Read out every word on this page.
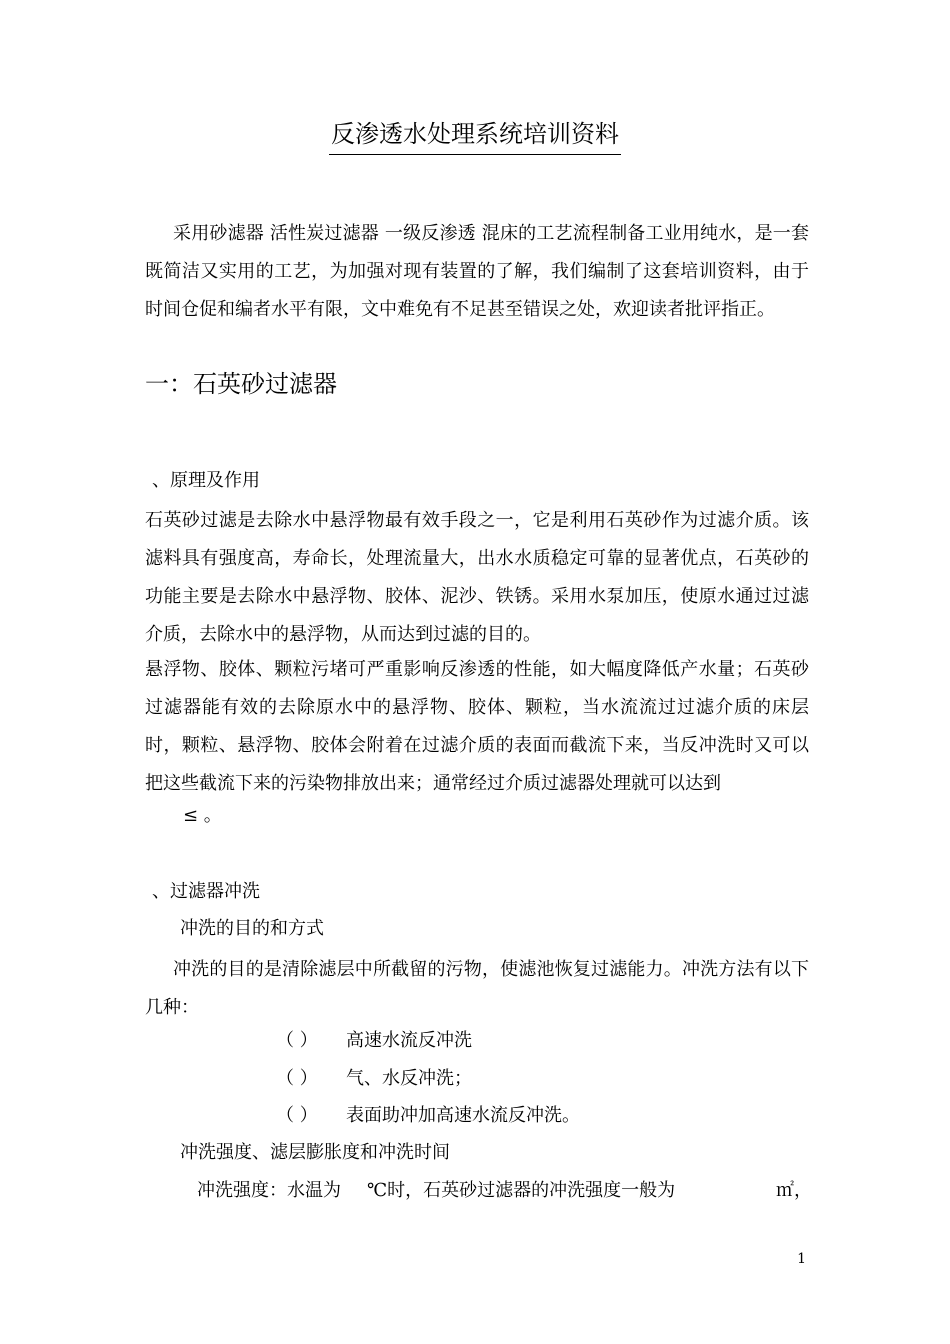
反渗透水处理系统培训资料

采用砂滤器 活性炭过滤器 一级反渗透 混床的工艺流程制备工业用纯水，是一套既简洁又实用的工艺，为加强对现有装置的了解，我们编制了这套培训资料，由于时间仓促和编者水平有限，文中难免有不足甚至错误之处，欢迎读者批评指正。

一：石英砂过滤器
、原理及作用

石英砂过滤是去除水中悬浮物最有效手段之一，它是利用石英砂作为过滤介质。该滤料具有强度高，寿命长，处理流量大，出水水质稳定可靠的显著优点，石英砂的功能主要是去除水中悬浮物、胶体、泥沙、铁锈。采用水泵加压，使原水通过过滤介质，去除水中的悬浮物，从而达到过滤的目的。

悬浮物、胶体、颗粒污堵可严重影响反渗透的性能，如大幅度降低产水量；石英砂过滤器能有效的去除原水中的悬浮物、胶体、颗粒，当水流流过过滤介质的床层时，颗粒、悬浮物、胶体会附着在过滤介质的表面而截流下来，当反冲洗时又可以把这些截流下来的污染物排放出来；通常经过介质过滤器处理就可以达到

≤ 。
、过滤器冲洗
冲洗的目的和方式

冲洗的目的是清除滤层中所截留的污物，使滤池恢复过滤能力。冲洗方法有以下几种：

（ ） 高速水流反冲洗
（ ） 气、水反冲洗；
（ ） 表面助冲加高速水流反冲洗。
冲洗强度、滤层膨胀度和冲洗时间
冲洗强度：水温为 ℃时，石英砂过滤器的冲洗强度一般为	㎡，
1
